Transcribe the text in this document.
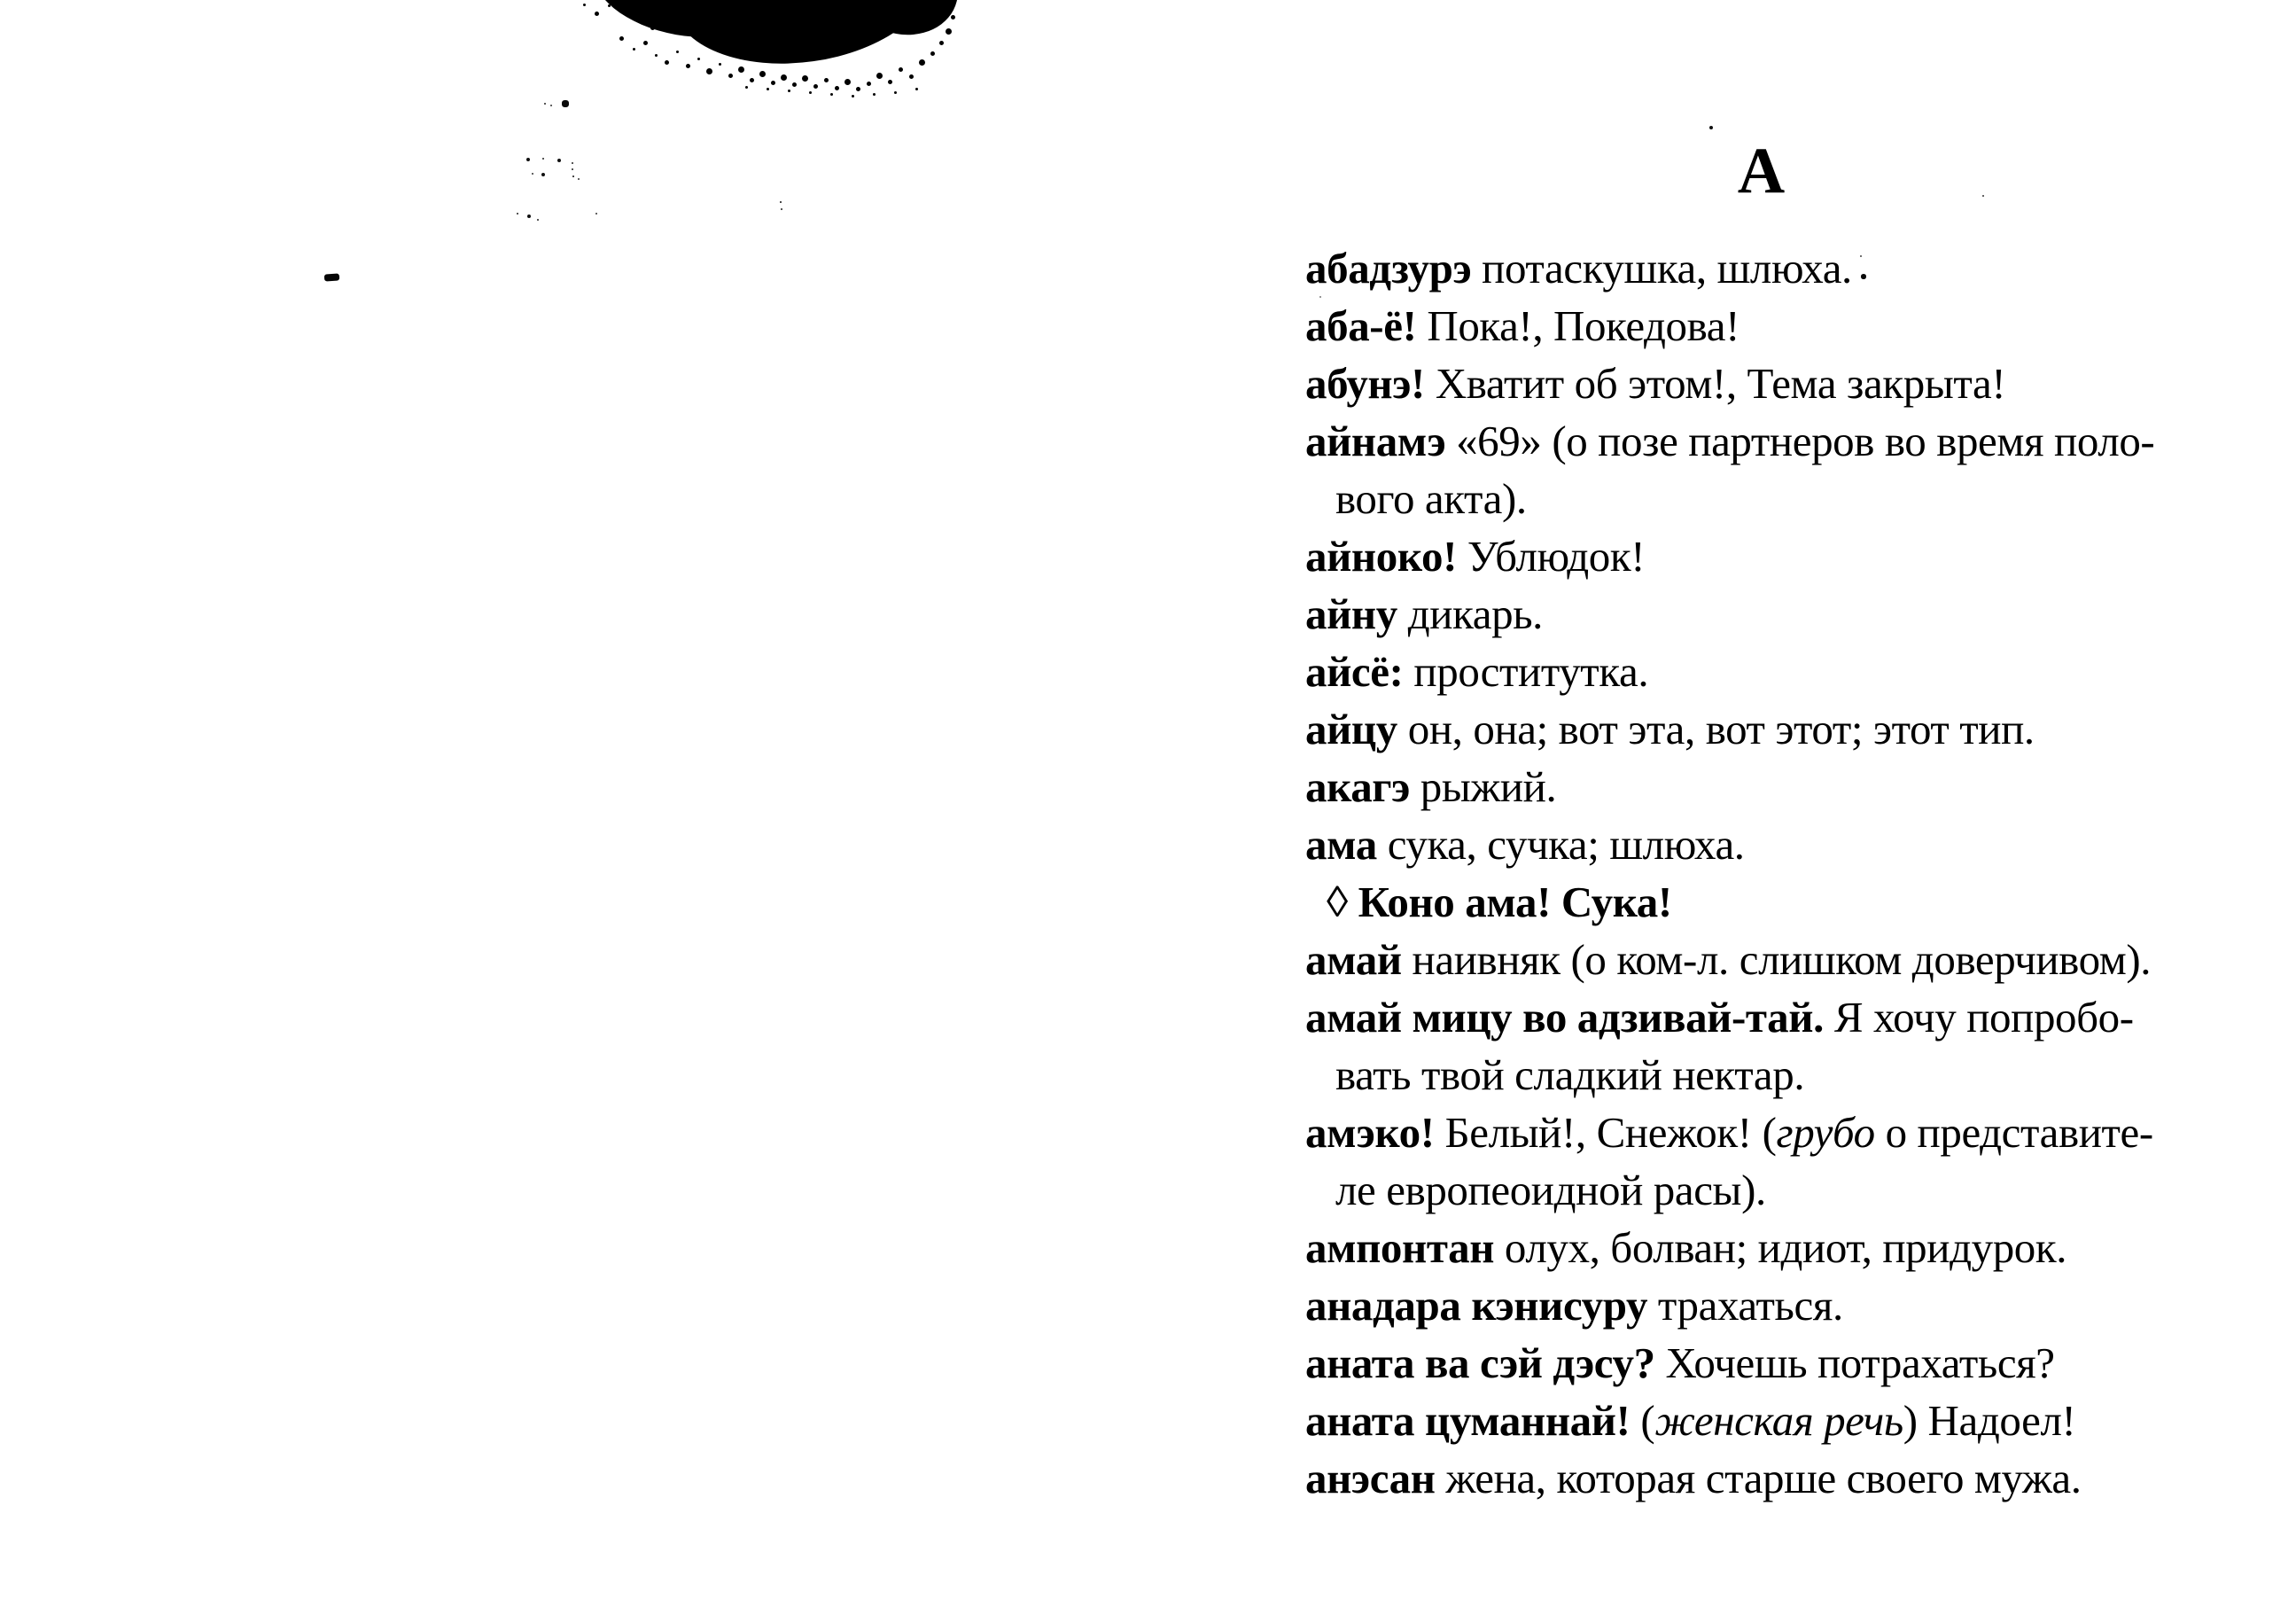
А
абадзурэ потаскушка, шлюха.
аба-ё! Пока!, Покедова!
абунэ! Хватит об этом!, Тема закрыта!
айнамэ «69» (о позе партнеров во время поло-
вого акта).
айноко! Ублюдок!
айну дикарь.
айсё: проститутка.
айцу он, она; вот эта, вот этот; этот тип.
акагэ рыжий.
ама сука, сучка; шлюха.
◊ Коно ама! Сука!
амай наивняк (о ком-л. слишком доверчивом).
амай мицу во адзивай-тай. Я хочу попробо-
вать твой сладкий нектар.
амэко! Белый!, Снежок! (грубо о представите-
ле европеоидной расы).
ампонтан олух, болван; идиот, придурок.
анадара кэнисуру трахаться.
аната ва сэй дэсу? Хочешь потрахаться?
аната цуманнай! (женская речь) Надоел!
анэсан жена, которая старше своего мужа.
